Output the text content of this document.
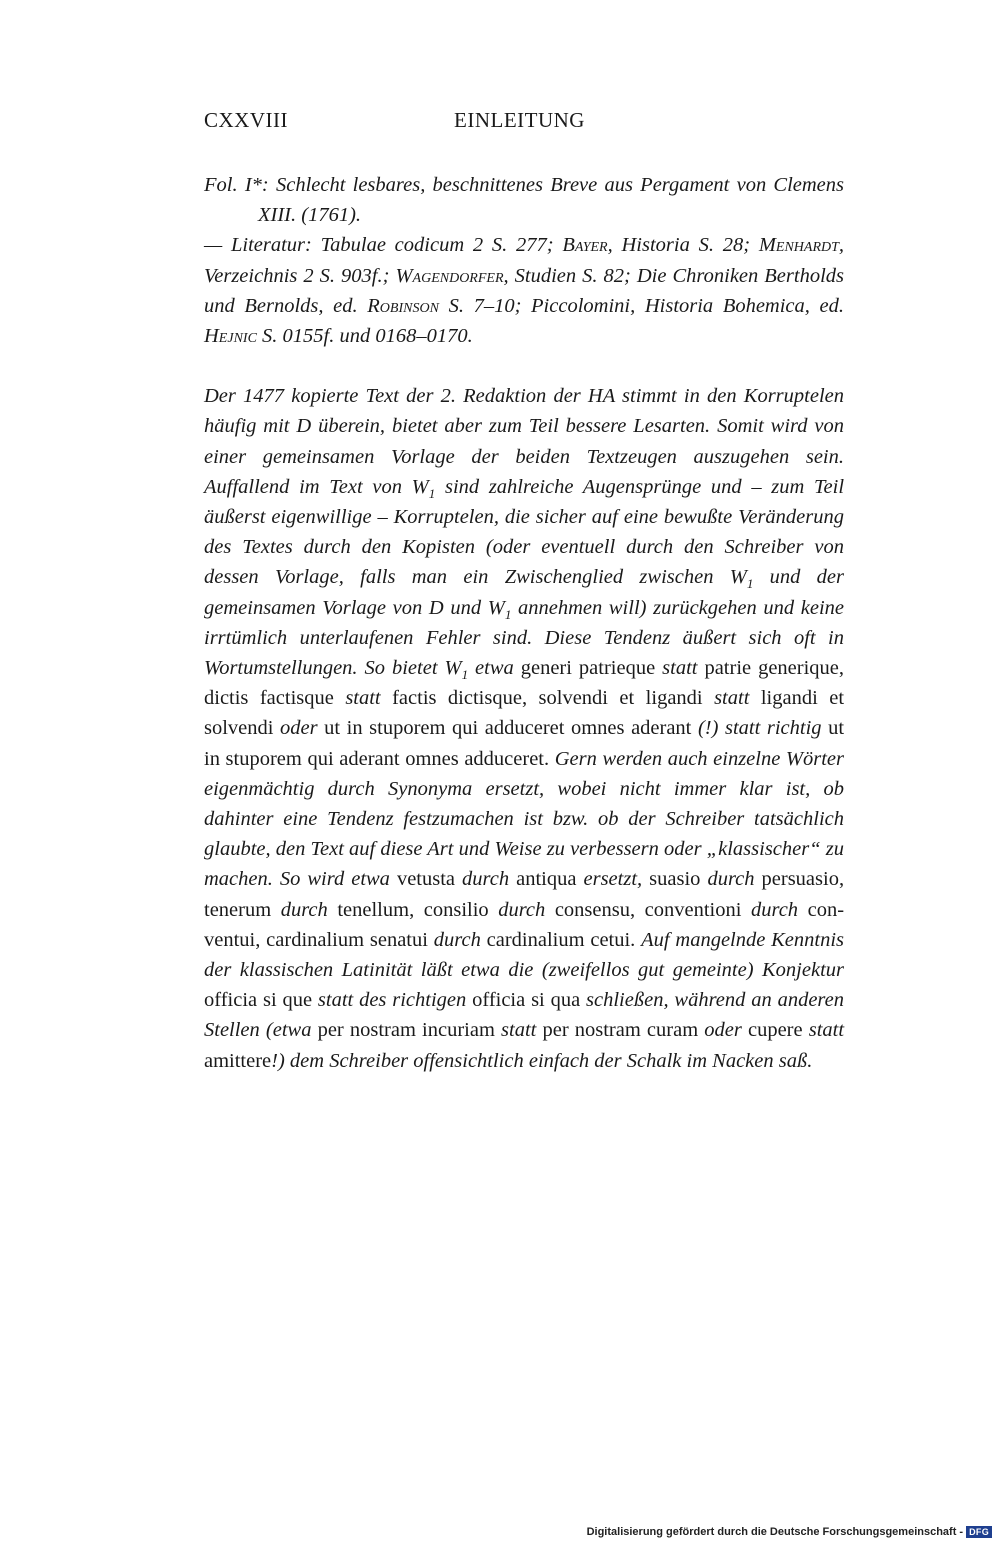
CXXVIII	EINLEITUNG

Fol. I*: Schlecht lesbares, beschnittenes Breve aus Pergament von Clemens XIII. (1761).

— Literatur: Tabulae codicum 2 S. 277; Bayer, Historia S. 28; Menhardt, Verzeichnis 2 S. 903f.; Wagendorfer, Studien S. 82; Die Chroniken Bertholds und Bernolds, ed. Robinson S. 7–10; Piccolomini, Historia Bohemica, ed. Hejnic S. 0155f. und 0168–0170.

Der 1477 kopierte Text der 2. Redaktion der HA stimmt in den Korruptelen häufig mit D überein, bietet aber zum Teil bessere Lesarten. Somit wird von einer gemeinsamen Vorlage der beiden Textzeugen auszugehen sein. Auffallend im Text von $W_1$ sind zahlreiche Augensprünge und – zum Teil äußerst eigenwillige – Korruptelen, die sicher auf eine bewußte Veränderung des Textes durch den Kopisten (oder eventuell durch den Schreiber von dessen Vorlage, falls man ein Zwischenglied zwischen $W_1$ und der gemeinsamen Vorlage von D und $W_1$ annehmen will) zurückgehen und keine irrtümlich unterlaufenen Fehler sind. Diese Tendenz äußert sich oft in Wortumstellungen. So bietet $W_1$ etwa generi patrieque statt patrie generique, dictis factisque statt factis dictisque, solvendi et ligandi statt ligandi et solvendi oder ut in stuporem qui adduceret omnes aderant (!) statt richtig ut in stuporem qui aderant omnes adduceret. Gern werden auch einzelne Wörter eigenmächtig durch Synonyma ersetzt, wobei nicht immer klar ist, ob dahinter eine Tendenz festzumachen ist bzw. ob der Schreiber tatsächlich glaubte, den Text auf diese Art und Weise zu verbessern oder „klassischer“ zu machen. So wird etwa vetusta durch antiqua ersetzt, suasio durch persuasio, tenerum durch tenellum, consilio durch consensu, conventioni durch conventui, cardinalium senatui durch cardinalium cetui. Auf mangelnde Kenntnis der klassischen Latinität läßt etwa die (zweifellos gut gemeinte) Konjektur officia si que statt des richtigen officia si qua schließen, während an anderen Stellen (etwa per nostram incuriam statt per nostram curam oder cupere statt amittere!) dem Schreiber offensichtlich einfach der Schalk im Nacken saß.

Digitalisierung gefördert durch die Deutsche Forschungsgemeinschaft - DFG
